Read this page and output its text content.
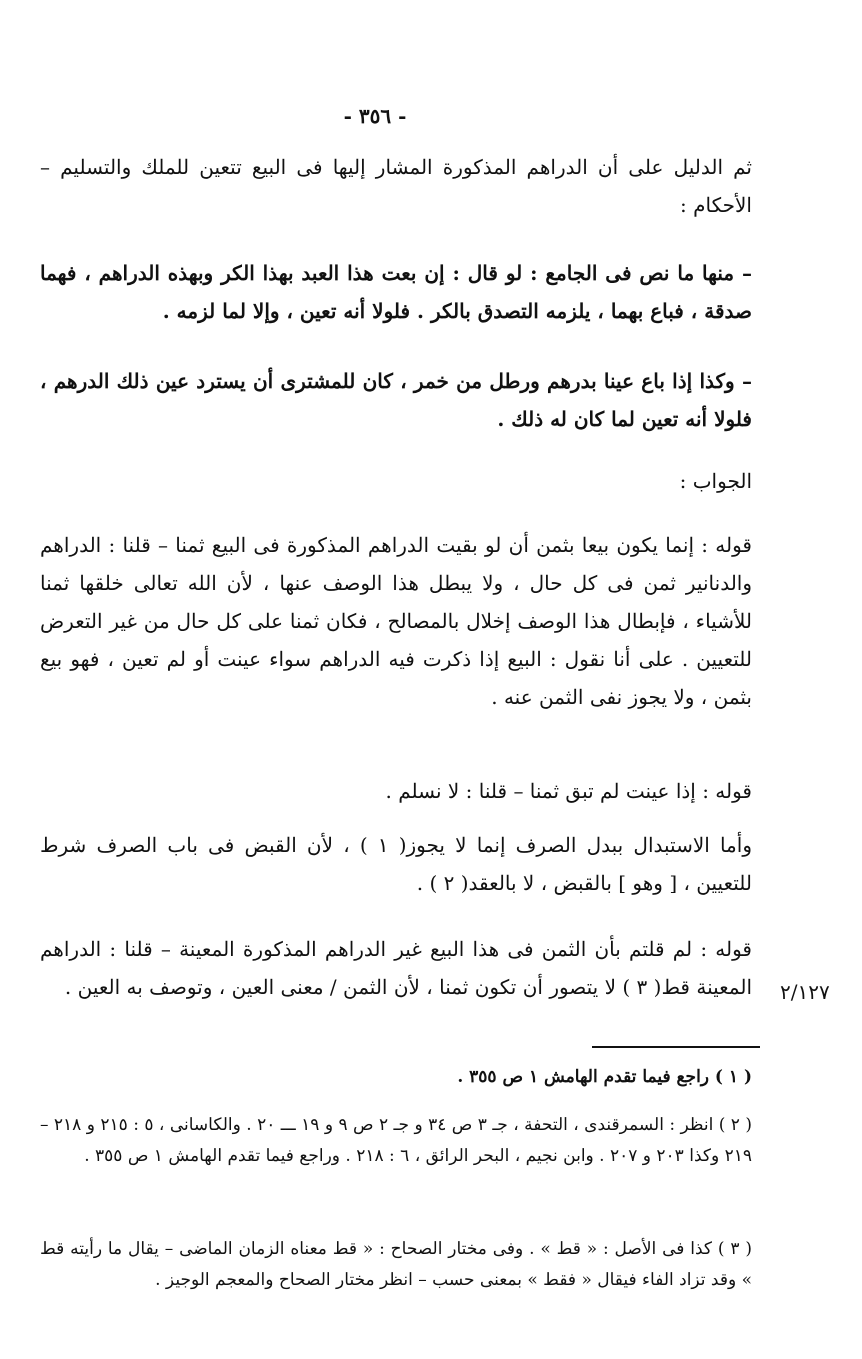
- ٣٥٦ -

ثم الدليل على أن الدراهم المذكورة المشار إليها فى البيع تتعين للملك والتسليم – الأحكام :

– منها ما نص فى الجامع : لو قال : إن بعت هذا العبد بهذا الكر وبهذه الدراهم ، فهما صدقة ، فباع بهما ، يلزمه التصدق بالكر . فلولا أنه تعين ، وإلا لما لزمه .

– وكذا إذا باع عينا بدرهم ورطل من خمر ، كان للمشترى أن يسترد عين ذلك الدرهم ، فلولا أنه تعين لما كان له ذلك .

الجواب :

قوله : إنما يكون بيعا بثمن أن لو بقيت الدراهم المذكورة فى البيع ثمنا – قلنا : الدراهم والدنانير ثمن فى كل حال ، ولا يبطل هذا الوصف عنها ، لأن الله تعالى خلقها ثمنا للأشياء ، فإبطال هذا الوصف إخلال بالمصالح ، فكان ثمنا على كل حال من غير التعرض للتعيين . على أنا نقول : البيع إذا ذكرت فيه الدراهم سواء عينت أو لم تعين ، فهو بيع بثمن ، ولا يجوز نفى الثمن عنه .

قوله : إذا عينت لم تبق ثمنا – قلنا : لا نسلم .

وأما الاستبدال ببدل الصرف إنما لا يجوز( ١ ) ، لأن القبض فى باب الصرف شرط للتعيين ، [ وهو ] بالقبض ، لا بالعقد( ٢ ) .

قوله : لم قلتم بأن الثمن فى هذا البيع غير الدراهم المذكورة المعينة – قلنا : الدراهم المعينة قط( ٣ ) لا يتصور أن تكون ثمنا ، لأن الثمن / معنى العين ، وتوصف به العين . ٢/١٢٧
( ١ ) راجع فيما تقدم الهامش ١ ص ٣٥٥ .
( ٢ ) انظر : السمرقندى ، التحفة ، جـ ٣ ص ٣٤ و جـ ٢ ص ٩ و ١٩ ـــ ٢٠ . والكاسانى ، ٥ : ٢١٥ و ٢١٨ – ٢١٩ وكذا ٢٠٣ و ٢٠٧ . وابن نجيم ، البحر الرائق ، ٦ : ٢١٨ . وراجع فيما تقدم الهامش ١ ص ٣٥٥ .
( ٣ ) كذا فى الأصل : « قط » . وفى مختار الصحاح : « قط معناه الزمان الماضى – يقال ما رأيته قط » وقد تزاد الفاء فيقال « فقط » بمعنى حسب – انظر مختار الصحاح والمعجم الوجيز .
